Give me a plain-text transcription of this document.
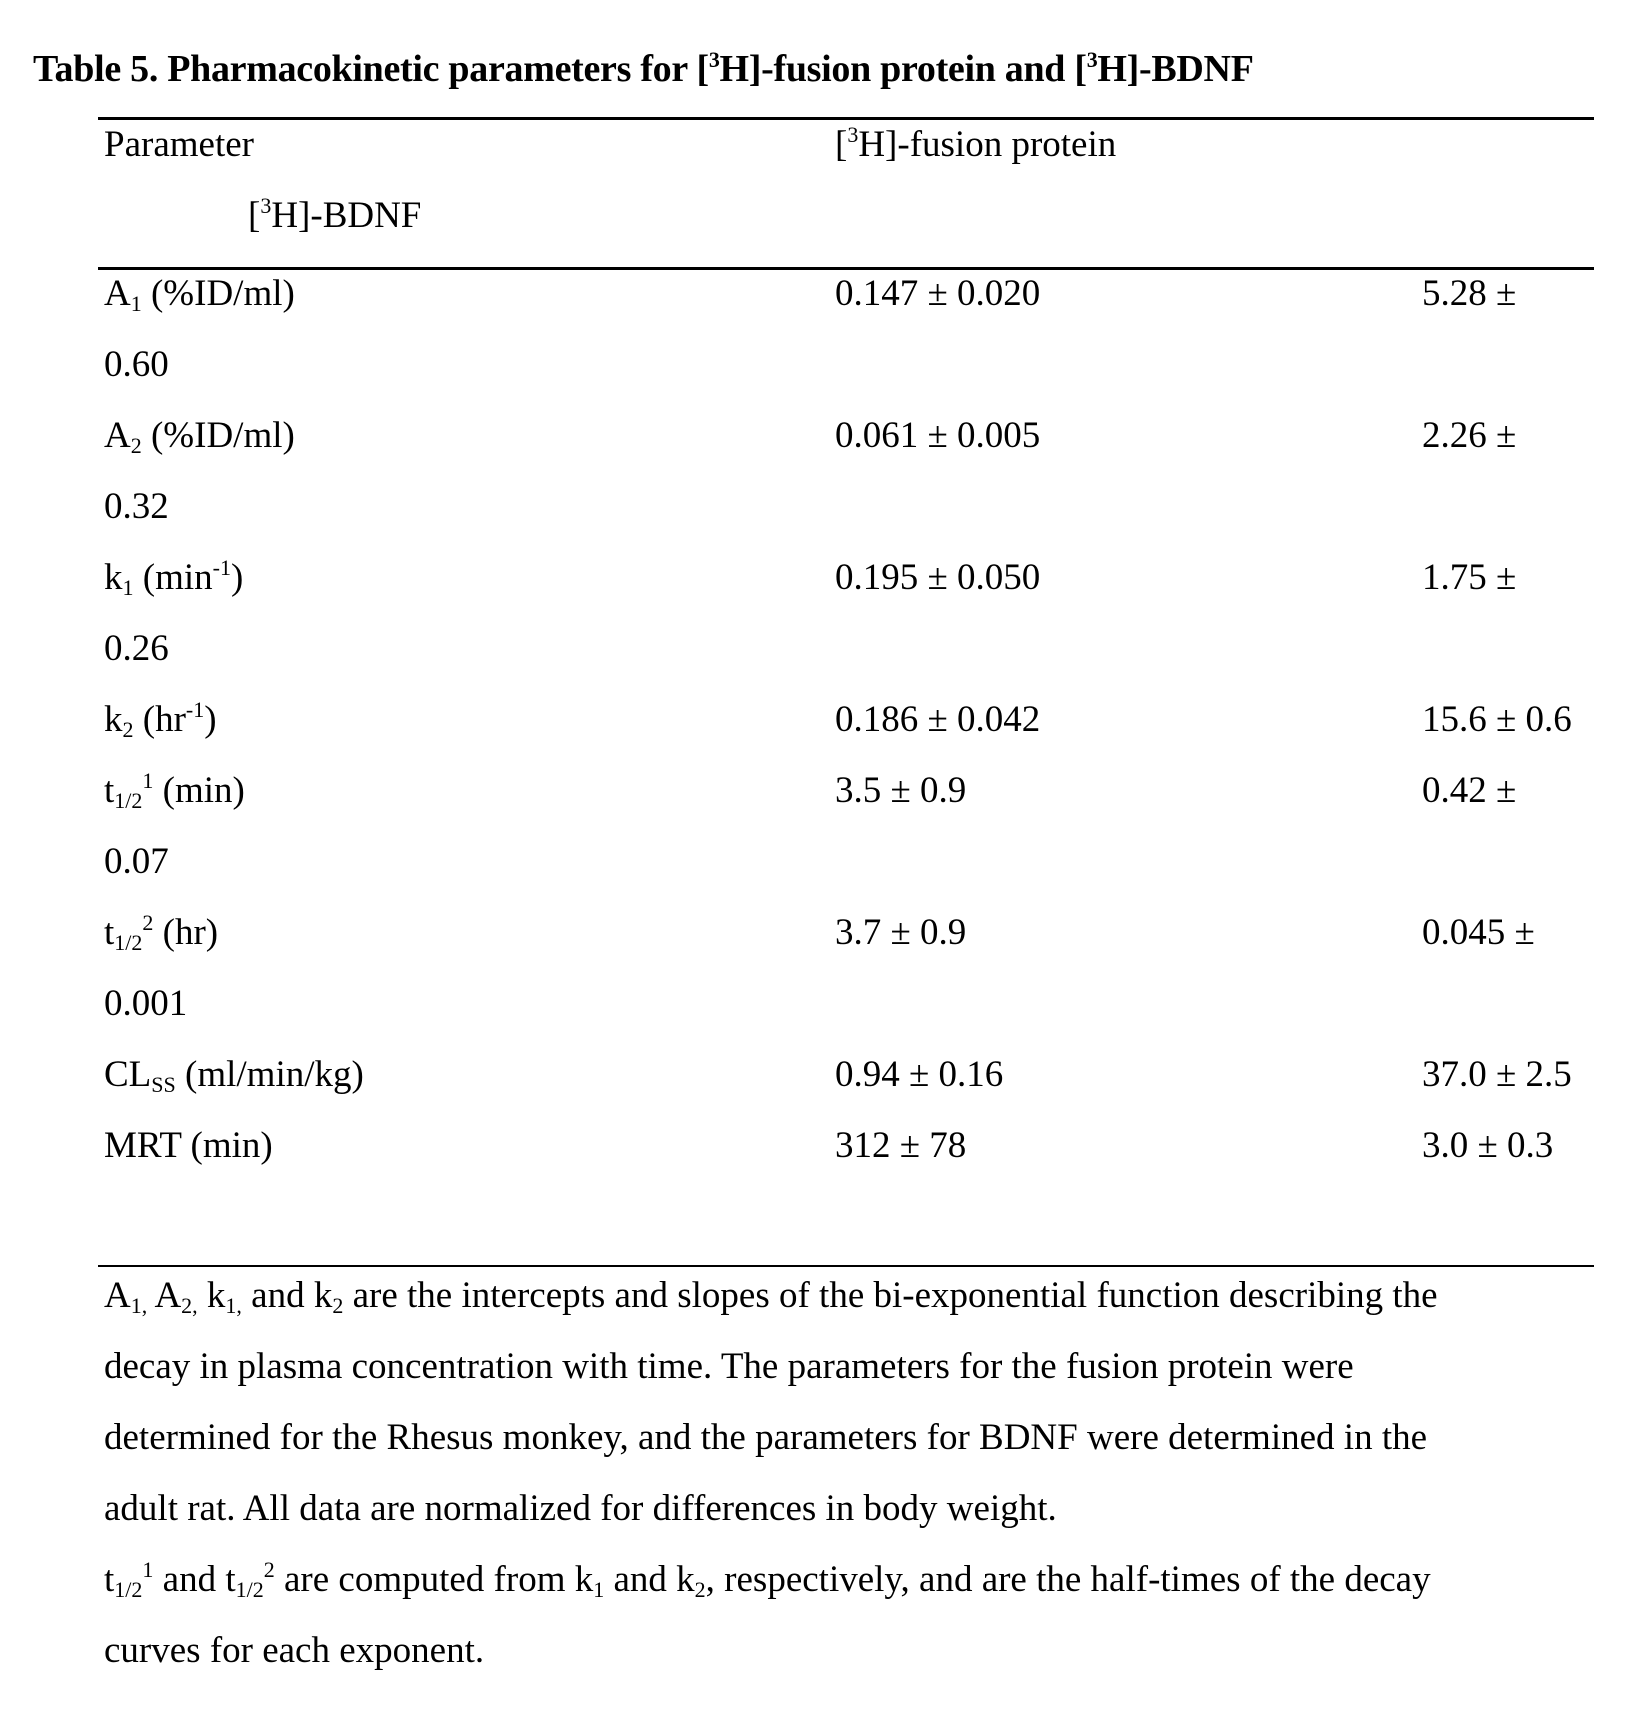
Table 5. Pharmacokinetic parameters for [3H]-fusion protein and [3H]-BDNF
Parameter	[3H]-fusion protein
[3H]-BDNF
A1 (%ID/ml)	0.147 ± 0.020	5.28 ±
0.60
A2 (%ID/ml)	0.061 ± 0.005	2.26 ±
0.32
k1 (min-1)	0.195 ± 0.050	1.75 ±
0.26
k2 (hr-1)	0.186 ± 0.042	15.6 ± 0.6
t1/21 (min)	3.5 ± 0.9	0.42 ±
0.07
t1/22 (hr)	3.7 ± 0.9	0.045 ±
0.001
CLSS (ml/min/kg)	0.94 ± 0.16	37.0 ± 2.5
MRT (min)	312 ± 78	3.0 ± 0.3
A1, A2, k1, and k2 are the intercepts and slopes of the bi-exponential function describing the
decay in plasma concentration with time. The parameters for the fusion protein were
determined for the Rhesus monkey, and the parameters for BDNF were determined in the
adult rat. All data are normalized for differences in body weight.
t1/21 and t1/22 are computed from k1 and k2, respectively, and are the half-times of the decay
curves for each exponent.
